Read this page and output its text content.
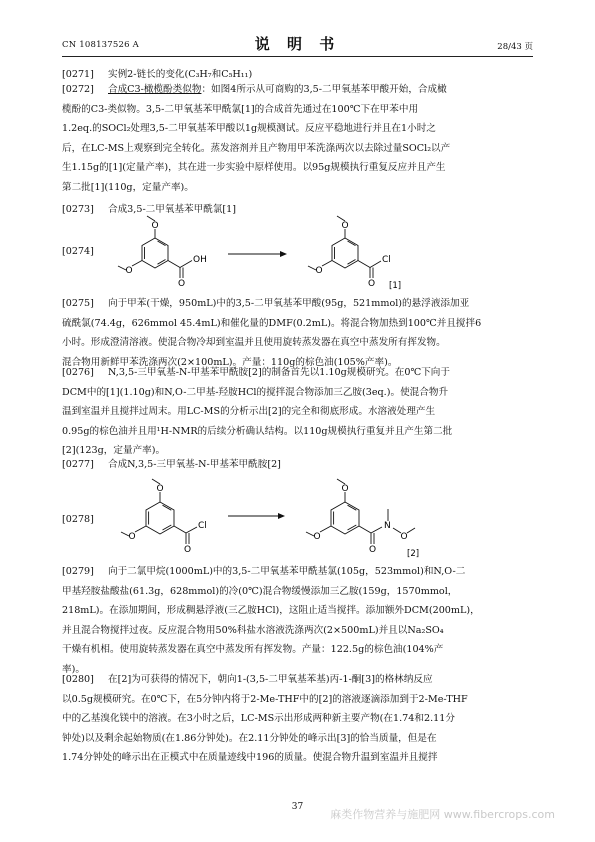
CN 108137526 A	说 明 书	28/43 页
[0271] 实例2-链长的变化(C₃H₇和C₅H₁₁)
[0272] 合成C3-橄榄酚类似物：如图4所示从可商购的3,5-二甲氧基苯甲酸开始，合成橄
榄酚的C3-类似物。3,5-二甲氧基苯甲酰氯[1]的合成首先通过在100℃下在甲苯中用
1.2eq.的SOCl₂处理3,5-二甲氧基苯甲酸以1g规模测试。反应平稳地进行并且在1小时之
后，在LC-MS上观察到完全转化。蒸发溶剂并且产物用甲苯洗涤两次以去除过量SOCl₂以产
生1.15g的[1](定量产率)，其在进一步实验中原样使用。以95g规模执行重复反应并且产生
第二批[1](110g，定量产率)。
[0273] 合成3,5-二甲氧基苯甲酰氯[1]
[0274]
O
O
O
OH
O
O
O
Cl
[1]
[0275] 向于甲苯(干燥，950mL)中的3,5-二甲氧基苯甲酸(95g，521mmol)的悬浮液添加亚
硫酰氯(74.4g，626mmol 45.4mL)和催化量的DMF(0.2mL)。将混合物加热到100℃并且搅拌6
小时。形成澄清溶液。使混合物冷却到室温并且使用旋转蒸发器在真空中蒸发所有挥发物。
混合物用新鲜甲苯洗涤两次(2×100mL)。产量：110g的棕色油(105%产率)。
[0276] N,3,5-三甲氧基-N-甲基苯甲酰胺[2]的制备首先以1.10g规模研究。在0℃下向于
DCM中的[1](1.10g)和N,O-二甲基-羟胺HCl的搅拌混合物添加三乙胺(3eq.)。使混合物升
温到室温并且搅拌过周末。用LC-MS的分析示出[2]的完全和彻底形成。水溶液处理产生
0.95g的棕色油并且用¹H-NMR的后续分析确认结构。以110g规模执行重复并且产生第二批
[2](123g，定量产率)。
[0277] 合成N,3,5-三甲氧基-N-甲基苯甲酰胺[2]
[0278]
O
O
O
Cl
O
O
O
N
O
[2]
[0279] 向于二氯甲烷(1000mL)中的3,5-二甲氧基苯甲酰基氯(105g，523mmol)和N,O-二
甲基羟胺盐酸盐(61.3g，628mmol)的冷(0℃)混合物缓慢添加三乙胺(159g，1570mmol，
218mL)。在添加期间，形成稠悬浮液(三乙胺HCl)，这阻止适当搅拌。添加额外DCM(200mL)，
并且混合物搅拌过夜。反应混合物用50%科盐水溶液洗涤两次(2×500mL)并且以Na₂SO₄
干燥有机相。使用旋转蒸发器在真空中蒸发所有挥发物。产量：122.5g的棕色油(104%产
率)。
[0280] 在[2]为可获得的情况下，朝向1-(3,5-二甲氧基苯基)丙-1-酮[3]的格林纳反应
以0.5g规模研究。在0℃下，在5分钟内将于2-Me-THF中的[2]的溶液逐滴添加到于2-Me-THF
中的乙基溴化镁中的溶液。在3小时之后，LC-MS示出形成两种新主要产物(在1.74和2.11分
钟处)以及剩余起始物质(在1.86分钟处)。在2.11分钟处的峰示出[3]的恰当质量，但是在
1.74分钟处的峰示出在正模式中在质量迹线中196的质量。使混合物升温到室温并且搅拌
37
麻类作物营养与施肥网 www.fibercrops.com
